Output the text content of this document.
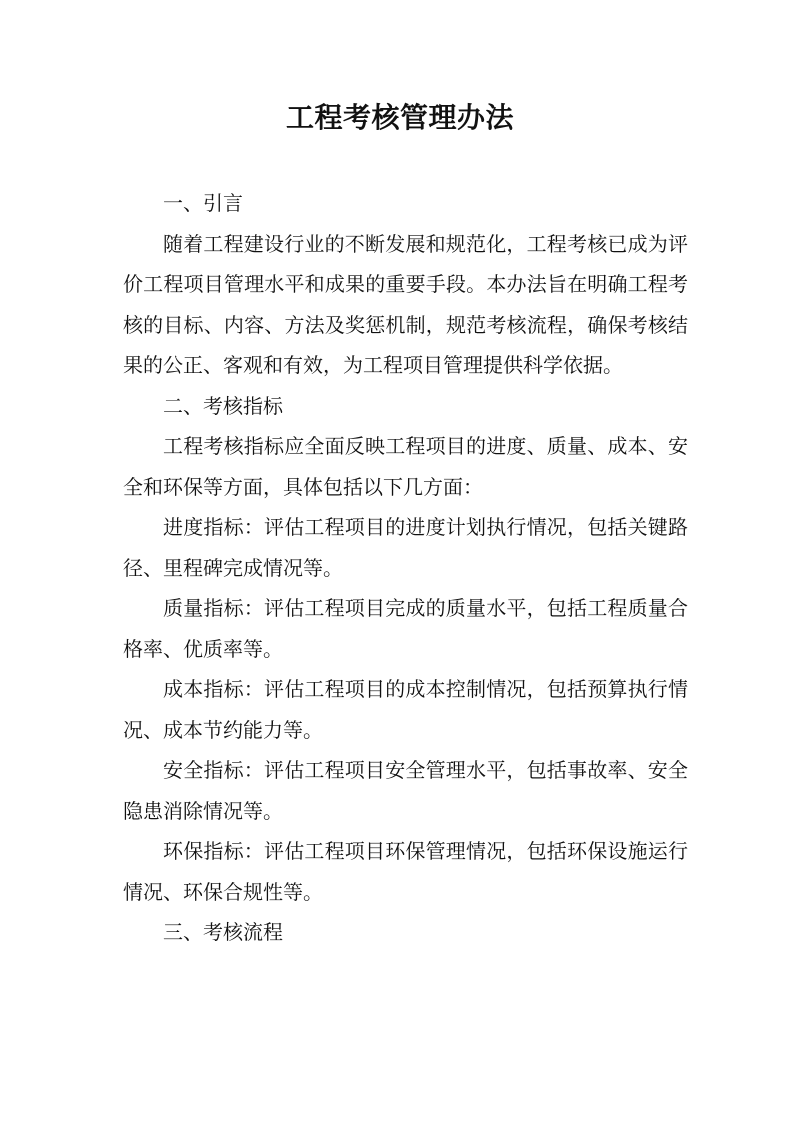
工程考核管理办法

一、引言

随着工程建设行业的不断发展和规范化，工程考核已成为评价工程项目管理水平和成果的重要手段。本办法旨在明确工程考核的目标、内容、方法及奖惩机制，规范考核流程，确保考核结果的公正、客观和有效，为工程项目管理提供科学依据。

二、考核指标

工程考核指标应全面反映工程项目的进度、质量、成本、安全和环保等方面，具体包括以下几方面：

进度指标：评估工程项目的进度计划执行情况，包括关键路径、里程碑完成情况等。

质量指标：评估工程项目完成的质量水平，包括工程质量合格率、优质率等。

成本指标：评估工程项目的成本控制情况，包括预算执行情况、成本节约能力等。

安全指标：评估工程项目安全管理水平，包括事故率、安全隐患消除情况等。

环保指标：评估工程项目环保管理情况，包括环保设施运行情况、环保合规性等。

三、考核流程
